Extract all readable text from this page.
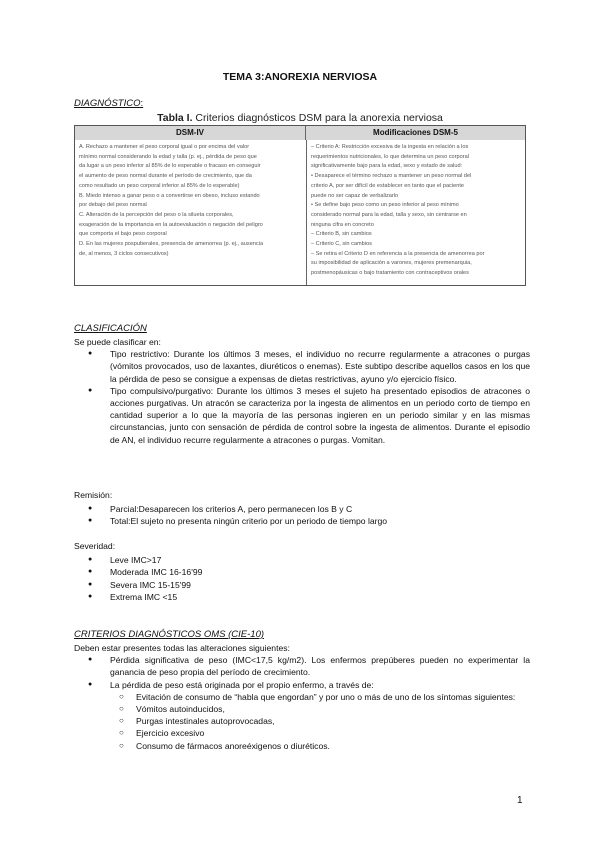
TEMA 3:ANOREXIA NERVIOSA
DIAGNÓSTICO:
Tabla I. Criterios diagnósticos DSM para la anorexia nerviosa
DSM-IV	Modificaciones DSM-5
A. Rechazo a mantener el peso corporal igual o por encima del valor
mínimo normal considerando la edad y talla (p. ej., pérdida de peso que
da lugar a un peso inferior al 85% de lo esperable o fracaso en conseguir
el aumento de peso normal durante el período de crecimiento, que da
como resultado un peso corporal inferior al 85% de lo esperable)
B. Miedo intenso a ganar peso o a convertirse en obeso, incluso estando
por debajo del peso normal
C. Alteración de la percepción del peso o la silueta corporales,
exageración de la importancia en la autoevaluación o negación del peligro
que comporta el bajo peso corporal
D. En las mujeres pospuberales, presencia de amenorrea (p. ej., ausencia
de, al menos, 3 ciclos consecutivos)
– Criterio A: Restricción excesiva de la ingesta en relación a los
requerimientos nutricionales, lo que determina un peso corporal
significativamente bajo para la edad, sexo y estado de salud:
• Desaparece el término rechazo a mantener un peso normal del
criterio A, por ser difícil de establecer en tanto que el paciente
puede no ser capaz de verbalizarlo
• Se define bajo peso como un peso inferior al peso mínimo
considerado normal para la edad, talla y sexo, sin centrarse en
ninguna cifra en concreto
– Criterio B, sin cambios
– Criterio C, sin cambios
– Se retira el Criterio D en referencia a la presencia de amenorrea por
su imposibilidad de aplicación a varones, mujeres premenarquia,
postmenopáusicas o bajo tratamiento con contraceptivos orales
CLASIFICACIÓN

Se puede clasificar en:

● Tipo restrictivo: Durante los últimos 3 meses, el individuo no recurre regularmente a atracones o purgas (vómitos provocados, uso de laxantes, diuréticos o enemas). Este subtipo describe aquellos casos en los que la pérdida de peso se consigue a expensas de dietas restrictivas, ayuno y/o ejercicio físico.

● Tipo compulsivo/purgativo: Durante los últimos 3 meses el sujeto ha presentado episodios de atracones o acciones purgativas. Un atracón se caracteriza por la ingesta de alimentos en un periodo corto de tiempo en cantidad superior a lo que la mayoría de las personas ingieren en un periodo similar y en las mismas circunstancias, junto con sensación de pérdida de control sobre la ingesta de alimentos. Durante el episodio de AN, el individuo recurre regularmente a atracones o purgas. Vomitan.

Remisión:

● Parcial:Desaparecen los criterios A, pero permanecen los B y C

● Total:El sujeto no presenta ningún criterio por un periodo de tiempo largo

Severidad:

● Leve IMC>17

● Moderada IMC 16-16'99

● Severa IMC 15-15'99

● Extrema IMC <15

CRITERIOS DIAGNÓSTICOS OMS (CIE-10)

Deben estar presentes todas las alteraciones siguientes:

● Pérdida significativa de peso (IMC<17,5 kg/m2). Los enfermos prepúberes pueden no experimentar la ganancia de peso propia del período de crecimiento.

● La pérdida de peso está originada por el propio enfermo, a través de:

○ Evitación de consumo de “habla que engordan” y por uno o más de uno de los síntomas siguientes:

○ Vómitos autoinducidos,

○ Purgas intestinales autoprovocadas,

○ Ejercicio excesivo

○ Consumo de fármacos anoreéxigenos o diuréticos.

1
